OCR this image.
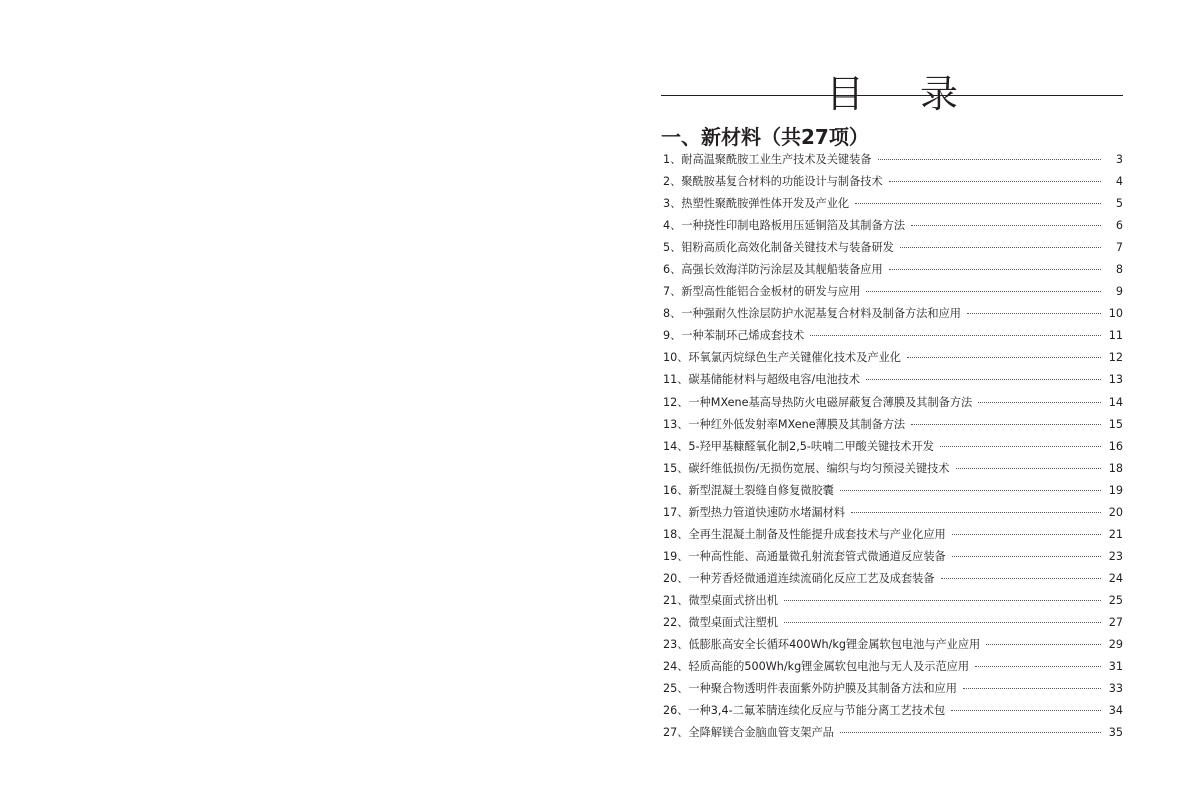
目 录
一、新材料（共27项）
1、耐高温聚酰胺工业生产技术及关键装备	3
2、聚酰胺基复合材料的功能设计与制备技术	4
3、热塑性聚酰胺弹性体开发及产业化	5
4、一种挠性印制电路板用压延铜箔及其制备方法	6
5、钼粉高质化高效化制备关键技术与装备研发	7
6、高强长效海洋防污涂层及其舰船装备应用	8
7、新型高性能铝合金板材的研发与应用	9
8、一种强耐久性涂层防护水泥基复合材料及制备方法和应用	10
9、一种苯制环己烯成套技术	11
10、环氧氯丙烷绿色生产关键催化技术及产业化	12
11、碳基储能材料与超级电容/电池技术	13
12、一种MXene基高导热防火电磁屏蔽复合薄膜及其制备方法	14
13、一种红外低发射率MXene薄膜及其制备方法	15
14、5-羟甲基糠醛氧化制2,5-呋喃二甲酸关键技术开发	16
15、碳纤维低损伤/无损伤宽展、编织与均匀预浸关键技术	18
16、新型混凝土裂缝自修复微胶囊	19
17、新型热力管道快速防水堵漏材料	20
18、全再生混凝土制备及性能提升成套技术与产业化应用	21
19、一种高性能、高通量微孔射流套管式微通道反应装备	23
20、一种芳香烃微通道连续流硝化反应工艺及成套装备	24
21、微型桌面式挤出机	25
22、微型桌面式注塑机	27
23、低膨胀高安全长循环400Wh/kg锂金属软包电池与产业应用	29
24、轻质高能的500Wh/kg锂金属软包电池与无人及示范应用	31
25、一种聚合物透明件表面紫外防护膜及其制备方法和应用	33
26、一种3,4-二氟苯腈连续化反应与节能分离工艺技术包	34
27、全降解镁合金脑血管支架产品	35
